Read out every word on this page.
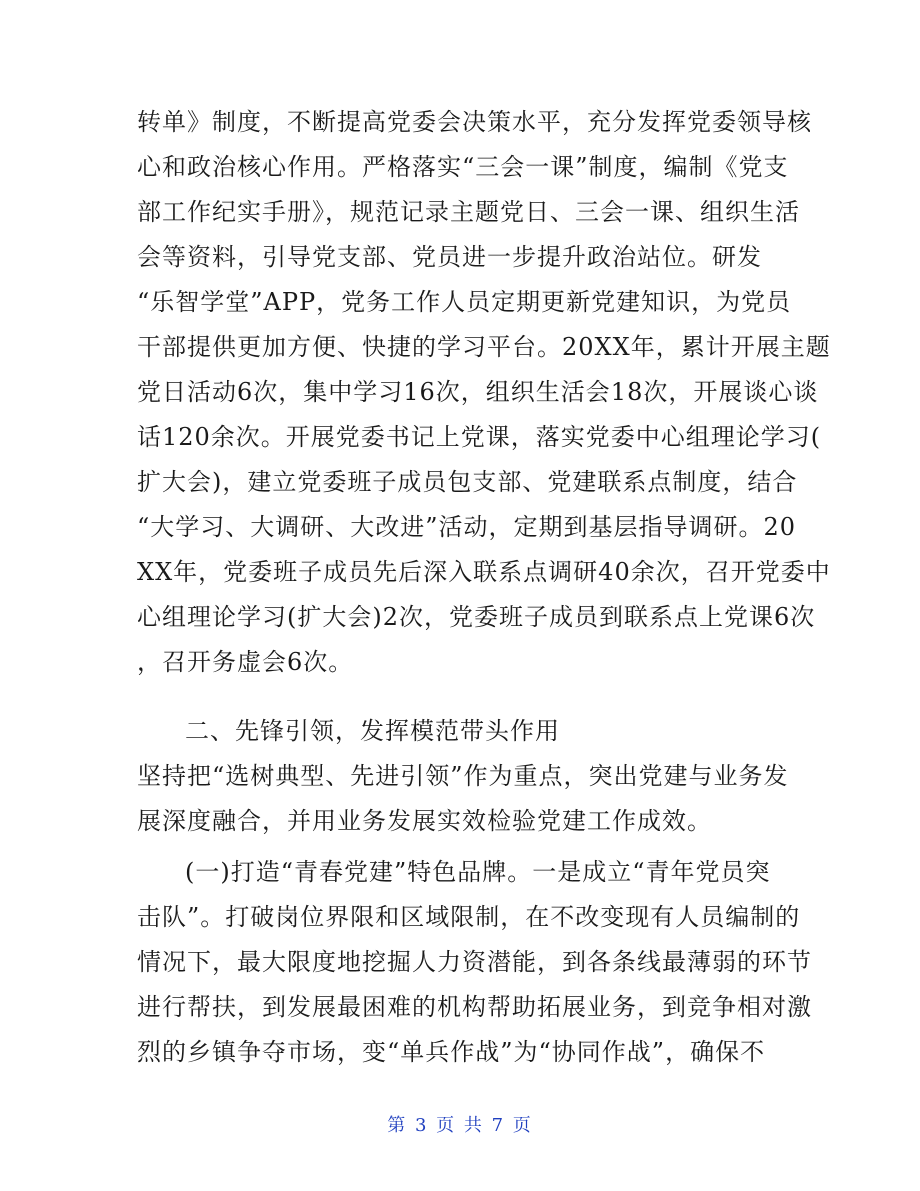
转单》制度，不断提高党委会决策水平，充分发挥党委领导核
心和政治核心作用。严格落实“三会一课”制度，编制《党支
部工作纪实手册》，规范记录主题党日、三会一课、组织生活
会等资料，引导党支部、党员进一步提升政治站位。研发
“乐智学堂”APP，党务工作人员定期更新党建知识，为党员
干部提供更加方便、快捷的学习平台。20XX年，累计开展主题
党日活动6次，集中学习16次，组织生活会18次，开展谈心谈
话120余次。开展党委书记上党课，落实党委中心组理论学习(
扩大会)，建立党委班子成员包支部、党建联系点制度，结合
“大学习、大调研、大改进”活动，定期到基层指导调研。20
XX年，党委班子成员先后深入联系点调研40余次，召开党委中
心组理论学习(扩大会)2次，党委班子成员到联系点上党课6次
，召开务虚会6次。
二、先锋引领，发挥模范带头作用
坚持把“选树典型、先进引领”作为重点，突出党建与业务发
展深度融合，并用业务发展实效检验党建工作成效。
(一)打造“青春党建”特色品牌。一是成立“青年党员突
击队”。打破岗位界限和区域限制，在不改变现有人员编制的
情况下，最大限度地挖掘人力资潜能，到各条线最薄弱的环节
进行帮扶，到发展最困难的机构帮助拓展业务，到竞争相对激
烈的乡镇争夺市场，变“单兵作战”为“协同作战”，确保不
第 3 页 共 7 页
